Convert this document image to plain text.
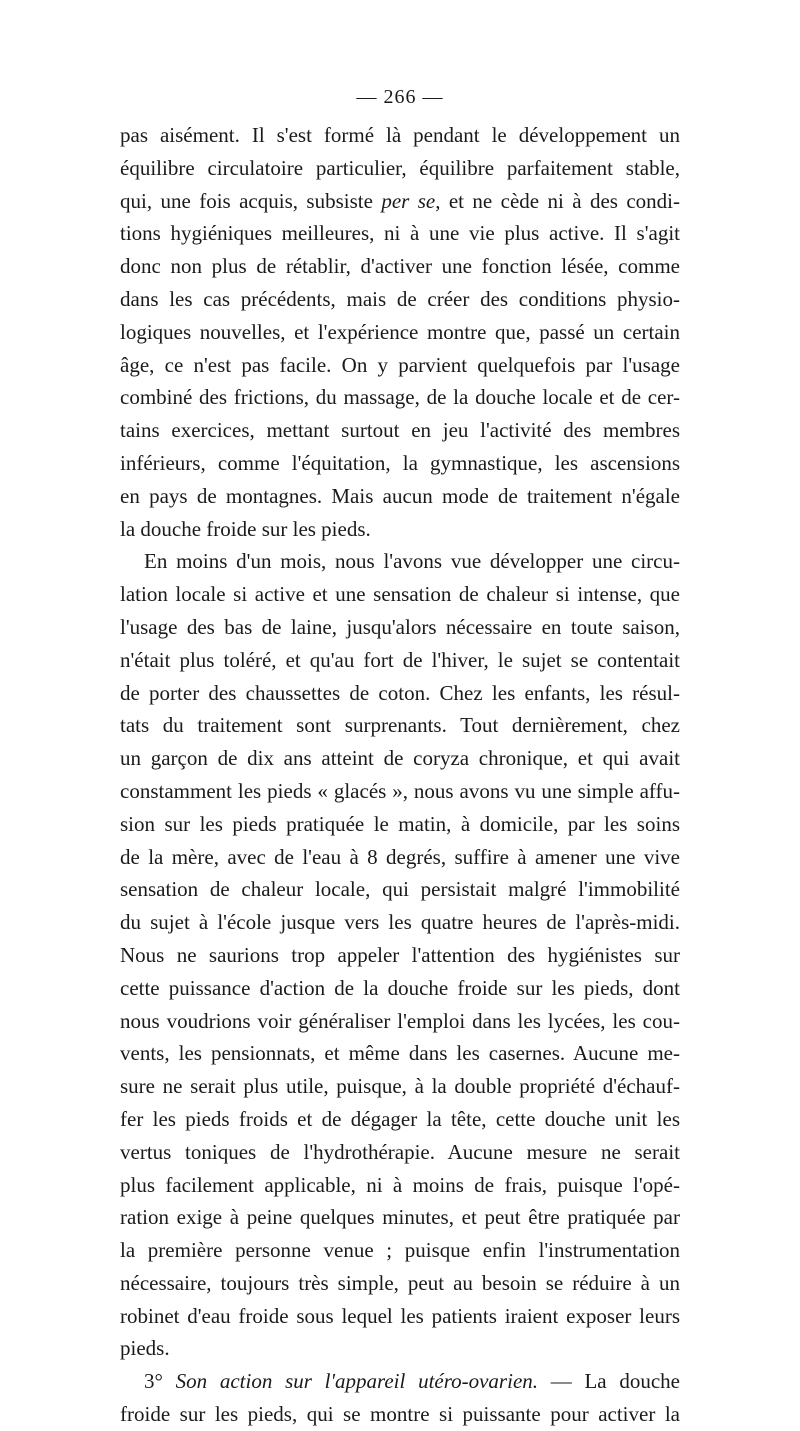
— 266 —
pas aisément. Il s'est formé là pendant le développement un
équilibre circulatoire particulier, équilibre parfaitement stable,
qui, une fois acquis, subsiste per se, et ne cède ni à des condi-
tions hygiéniques meilleures, ni à une vie plus active. Il s'agit
donc non plus de rétablir, d'activer une fonction lésée, comme
dans les cas précédents, mais de créer des conditions physio-
logiques nouvelles, et l'expérience montre que, passé un certain
âge, ce n'est pas facile. On y parvient quelquefois par l'usage
combiné des frictions, du massage, de la douche locale et de cer-
tains exercices, mettant surtout en jeu l'activité des membres
inférieurs, comme l'équitation, la gymnastique, les ascensions
en pays de montagnes. Mais aucun mode de traitement n'égale
la douche froide sur les pieds.
En moins d'un mois, nous l'avons vue développer une circu-
lation locale si active et une sensation de chaleur si intense, que
l'usage des bas de laine, jusqu'alors nécessaire en toute saison,
n'était plus toléré, et qu'au fort de l'hiver, le sujet se contentait
de porter des chaussettes de coton. Chez les enfants, les résul-
tats du traitement sont surprenants. Tout dernièrement, chez
un garçon de dix ans atteint de coryza chronique, et qui avait
constamment les pieds « glacés », nous avons vu une simple affu-
sion sur les pieds pratiquée le matin, à domicile, par les soins
de la mère, avec de l'eau à 8 degrés, suffire à amener une vive
sensation de chaleur locale, qui persistait malgré l'immobilité
du sujet à l'école jusque vers les quatre heures de l'après-midi.
Nous ne saurions trop appeler l'attention des hygiénistes sur
cette puissance d'action de la douche froide sur les pieds, dont
nous voudrions voir généraliser l'emploi dans les lycées, les cou-
vents, les pensionnats, et même dans les casernes. Aucune me-
sure ne serait plus utile, puisque, à la double propriété d'échauf-
fer les pieds froids et de dégager la tête, cette douche unit les
vertus toniques de l'hydrothérapie. Aucune mesure ne serait
plus facilement applicable, ni à moins de frais, puisque l'opé-
ration exige à peine quelques minutes, et peut être pratiquée par
la première personne venue ; puisque enfin l'instrumentation
nécessaire, toujours très simple, peut au besoin se réduire à un
robinet d'eau froide sous lequel les patients iraient exposer leurs
pieds.
3° Son action sur l'appareil utéro-ovarien. — La douche
froide sur les pieds, qui se montre si puissante pour activer la
